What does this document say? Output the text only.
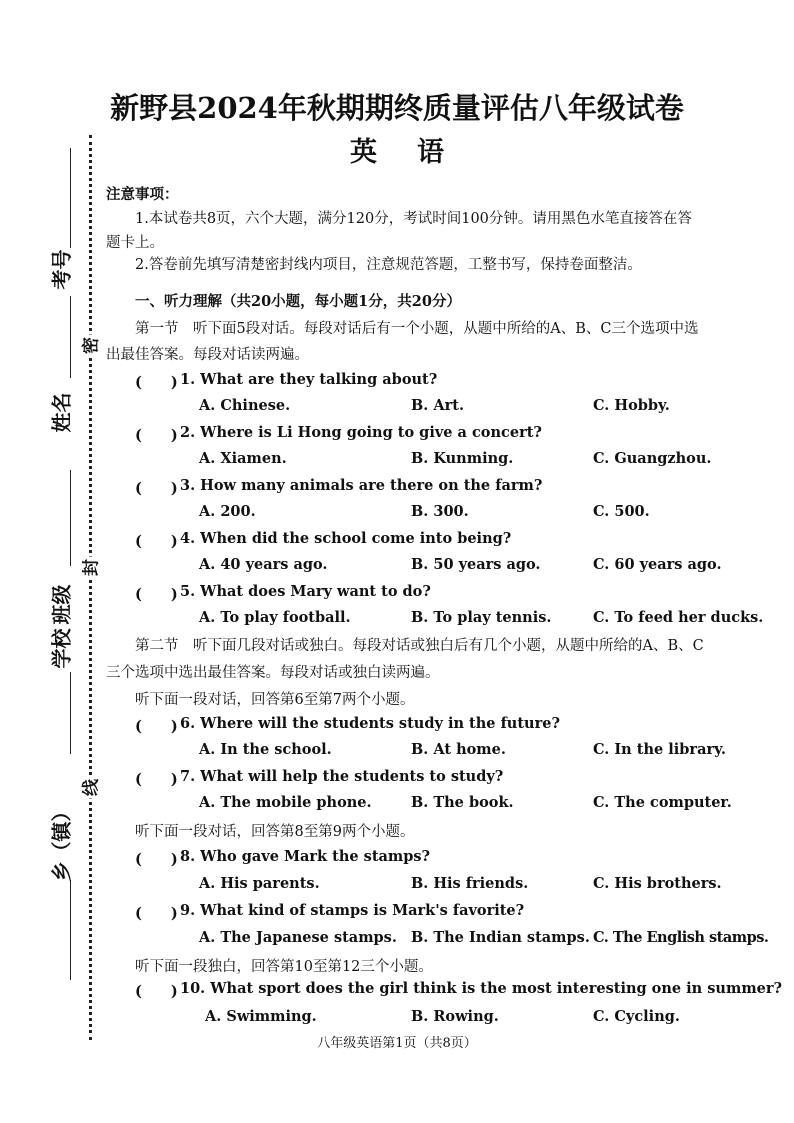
新野县2024年秋期期终质量评估八年级试卷
英语
考号
姓名
班级
学校
乡（镇）
密
封
线
注意事项：
1.本试卷共8页，六个大题，满分120分，考试时间100分钟。请用黑色水笔直接答在答
题卡上。
2.答卷前先填写清楚密封线内项目，注意规范答题，工整书写，保持卷面整洁。
一、听力理解（共20小题，每小题1分，共20分）
第一节　听下面5段对话。每段对话后有一个小题，从题中所给的A、B、C三个选项中选
出最佳答案。每段对话读两遍。
(　　) 1. What are they talking about?
A. Chinese.	B. Art.	C. Hobby.
(　　) 2. Where is Li Hong going to give a concert?
A. Xiamen.	B. Kunming.	C. Guangzhou.
(　　) 3. How many animals are there on the farm?
A. 200.	B. 300.	C. 500.
(　　) 4. When did the school come into being?
A. 40 years ago.	B. 50 years ago.	C. 60 years ago.
(　　) 5. What does Mary want to do?
A. To play football.	B. To play tennis.	C. To feed her ducks.
第二节　听下面几段对话或独白。每段对话或独白后有几个小题，从题中所给的A、B、C
三个选项中选出最佳答案。每段对话或独白读两遍。
听下面一段对话，回答第6至第7两个小题。
(　　) 6. Where will the students study in the future?
A. In the school.	B. At home.	C. In the library.
(　　) 7. What will help the students to study?
A. The mobile phone.	B. The book.	C. The computer.
听下面一段对话，回答第8至第9两个小题。
(　　) 8. Who gave Mark the stamps?
A. His parents.	B. His friends.	C. His brothers.
(　　) 9. What kind of stamps is Mark's favorite?
A. The Japanese stamps. B. The Indian stamps. C. The English stamps.
听下面一段独白，回答第10至第12三个小题。
(　　) 10. What sport does the girl think is the most interesting one in summer?
A. Swimming.	B. Rowing.	C. Cycling.
八年级英语第1页（共8页）
